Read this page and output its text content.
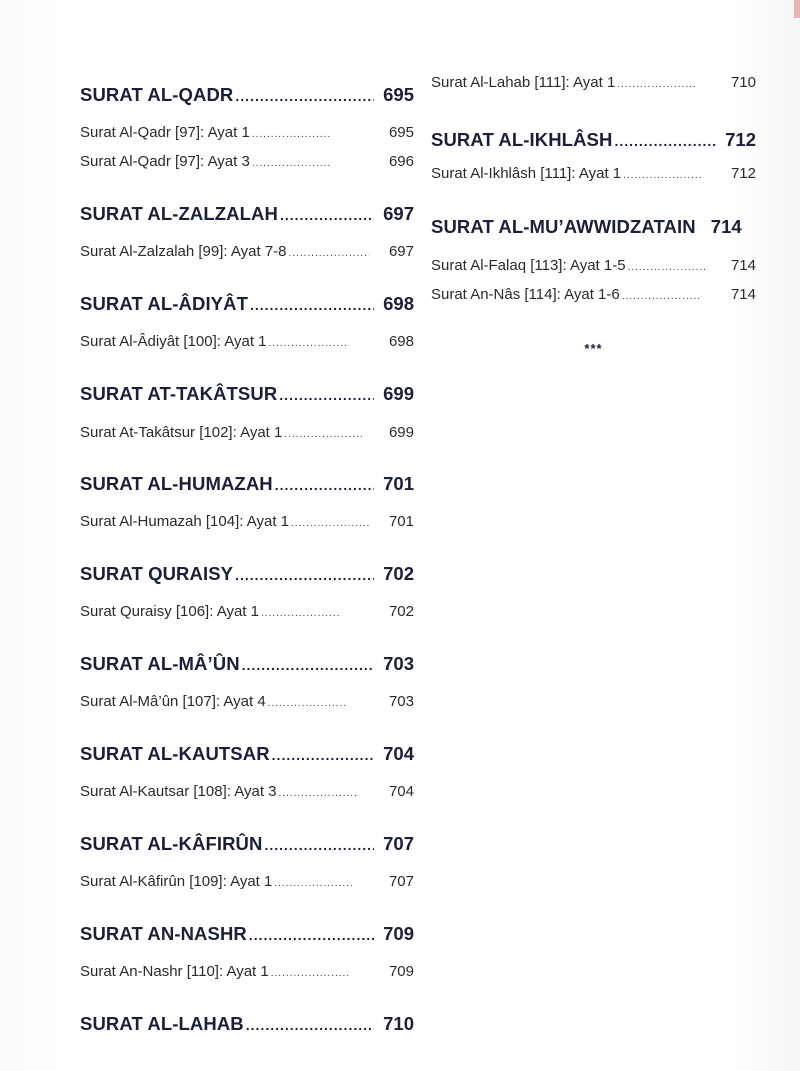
SURAT AL-QADR .....	695
Surat Al-Qadr [97]: Ayat 1 .....	695
Surat Al-Qadr [97]: Ayat 3 .....	696
SURAT AL-ZALZALAH .....	697
Surat Al-Zalzalah [99]: Ayat 7-8 .....	697
SURAT AL-ÂDIYÂT .....	698
Surat Al-Âdiyât [100]: Ayat 1 .....	698
SURAT AT-TAKÂTSUR .....	699
Surat At-Takâtsur [102]: Ayat 1 .....	699
SURAT AL-HUMAZAH .....	701
Surat Al-Humazah [104]: Ayat 1 .....	701
SURAT QURAISY .....	702
Surat Quraisy [106]: Ayat 1 .....	702
SURAT AL-MÂ’ÛN .....	703
Surat Al-Mâ’ûn [107]: Ayat 4 .....	703
SURAT AL-KAUTSAR .....	704
Surat Al-Kautsar [108]: Ayat 3 .....	704
SURAT AL-KÂFIRÛN .....	707
Surat Al-Kâfirûn [109]: Ayat 1 .....	707
SURAT AN-NASHR .....	709
Surat An-Nashr [110]: Ayat 1 .....	709
SURAT AL-LAHAB .....	710
Surat Al-Lahab [111]: Ayat 1 .....	710
SURAT AL-IKHLÂSH .....	712
Surat Al-Ikhlâsh [111]: Ayat 1 .....	712
SURAT AL-MU’AWWIDZATAIN 714
Surat Al-Falaq [113]: Ayat 1-5 .....	714
Surat An-Nâs [114]: Ayat 1-6 .....	714
***
